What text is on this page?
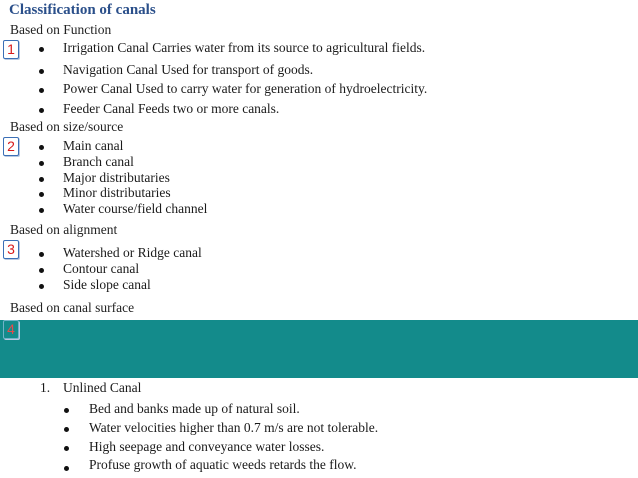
Classification of canals
Based on Function
1	Irrigation Canal Carries water from its source to agricultural fields.
Navigation Canal Used for transport of goods.
Power Canal Used to carry water for generation of hydroelectricity.
Feeder Canal Feeds two or more canals.
Based on size/source
2	Main canal
Branch canal
Major distributaries
Minor distributaries
Water course/field channel
Based on alignment
3	Watershed or Ridge canal
Contour canal
Side slope canal
Based on canal surface
4
1. Unlined Canal
Bed and banks made up of natural soil.
Water velocities higher than 0.7 m/s are not tolerable.
High seepage and conveyance water losses.
Profuse growth of aquatic weeds retards the flow.
